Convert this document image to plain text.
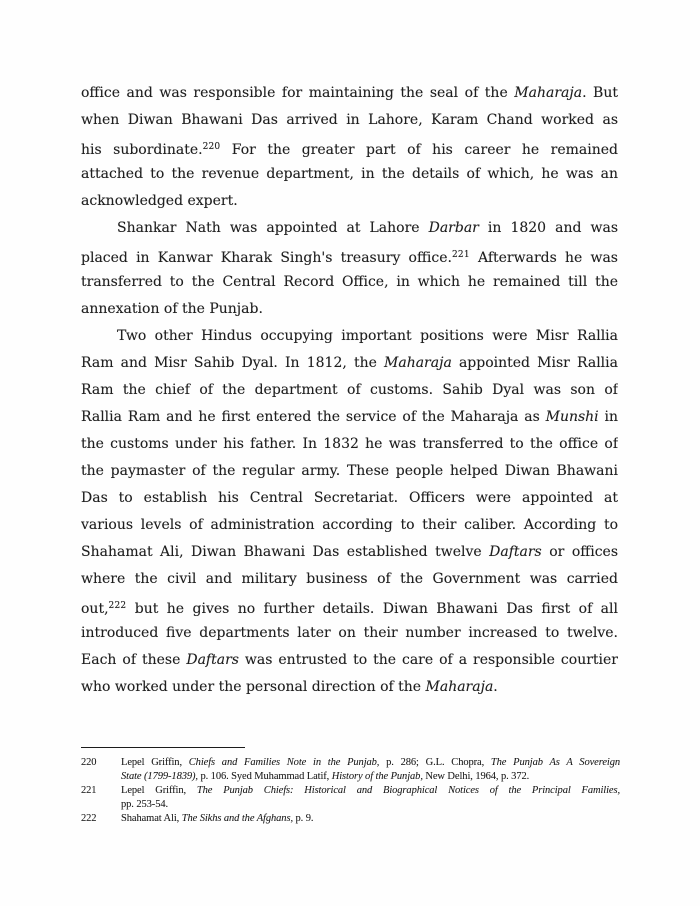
office and was responsible for maintaining the seal of the Maharaja. But
when Diwan Bhawani Das arrived in Lahore, Karam Chand worked as
his subordinate.$^{220}$ For the greater part of his career he remained
attached to the revenue department, in the details of which, he was an
acknowledged expert.
Shankar Nath was appointed at Lahore Darbar in 1820 and was
placed in Kanwar Kharak Singh's treasury office.$^{221}$ Afterwards he was
transferred to the Central Record Office, in which he remained till the
annexation of the Punjab.
Two other Hindus occupying important positions were Misr Rallia
Ram and Misr Sahib Dyal. In 1812, the Maharaja appointed Misr Rallia
Ram the chief of the department of customs. Sahib Dyal was son of
Rallia Ram and he first entered the service of the Maharaja as Munshi in
the customs under his father. In 1832 he was transferred to the office of
the paymaster of the regular army. These people helped Diwan Bhawani
Das to establish his Central Secretariat. Officers were appointed at
various levels of administration according to their caliber. According to
Shahamat Ali, Diwan Bhawani Das established twelve Daftars or offices
where the civil and military business of the Government was carried
out,$^{222}$ but he gives no further details. Diwan Bhawani Das first of all
introduced five departments later on their number increased to twelve.
Each of these Daftars was entrusted to the care of a responsible courtier
who worked under the personal direction of the Maharaja.
220	Lepel Griffin, Chiefs and Families Note in the Punjab, p. 286; G.L. Chopra, The Punjab As A Sovereign
State (1799-1839), p. 106. Syed Muhammad Latif, History of the Punjab, New Delhi, 1964, p. 372.
221	Lepel Griffin, The Punjab Chiefs: Historical and Biographical Notices of the Principal Families,
pp. 253-54.
222	Shahamat Ali, The Sikhs and the Afghans, p. 9.
